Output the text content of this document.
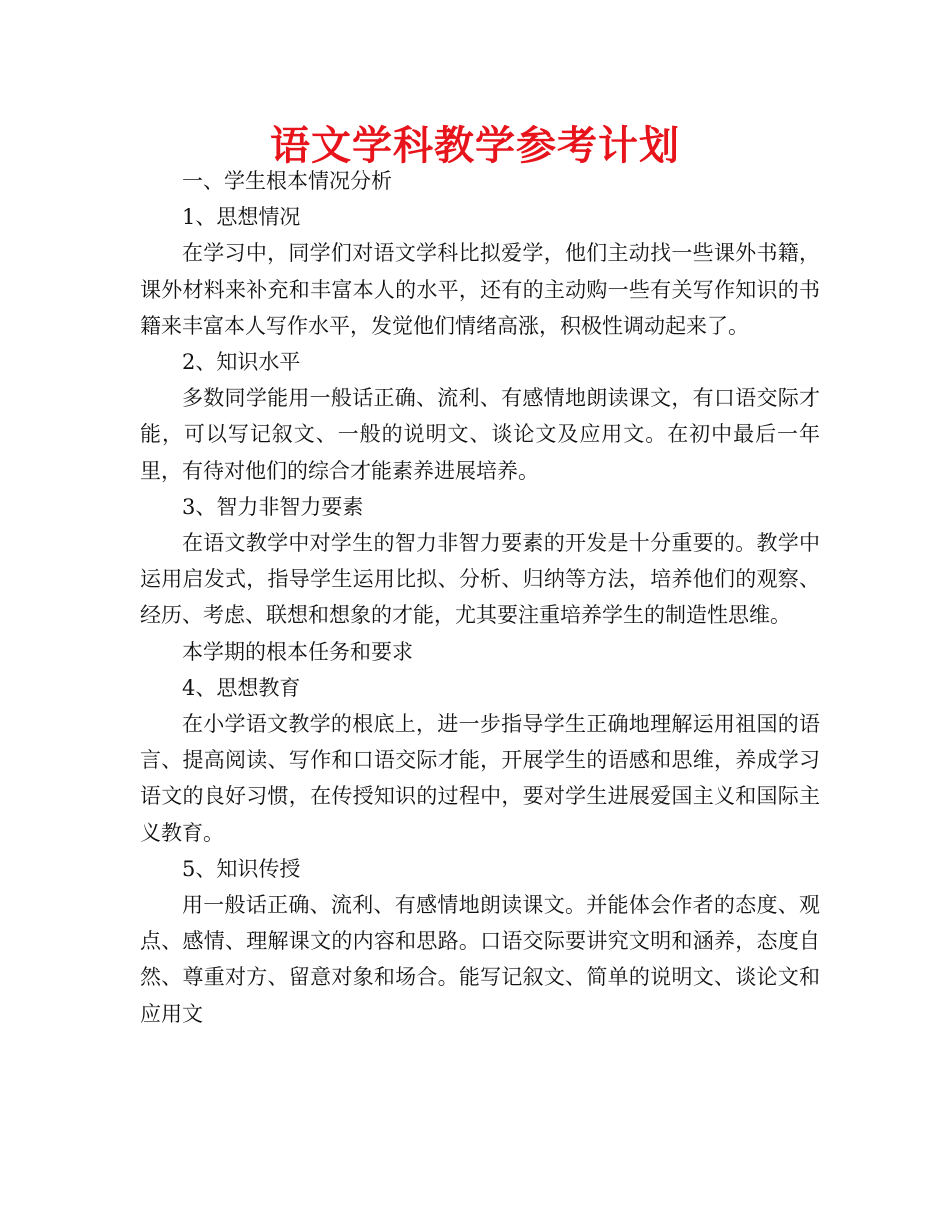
语文学科教学参考计划

一、学生根本情况分析

1、思想情况

在学习中，同学们对语文学科比拟爱学，他们主动找一些课外书籍，课外材料来补充和丰富本人的水平，还有的主动购一些有关写作知识的书籍来丰富本人写作水平，发觉他们情绪高涨，积极性调动起来了。

2、知识水平

多数同学能用一般话正确、流利、有感情地朗读课文，有口语交际才能，可以写记叙文、一般的说明文、谈论文及应用文。在初中最后一年里，有待对他们的综合才能素养进展培养。

3、智力非智力要素

在语文教学中对学生的智力非智力要素的开发是十分重要的。教学中运用启发式，指导学生运用比拟、分析、归纳等方法，培养他们的观察、经历、考虑、联想和想象的才能，尤其要注重培养学生的制造性思维。

本学期的根本任务和要求

4、思想教育

在小学语文教学的根底上，进一步指导学生正确地理解运用祖国的语言、提高阅读、写作和口语交际才能，开展学生的语感和思维，养成学习语文的良好习惯，在传授知识的过程中，要对学生进展爱国主义和国际主义教育。

5、知识传授

用一般话正确、流利、有感情地朗读课文。并能体会作者的态度、观点、感情、理解课文的内容和思路。口语交际要讲究文明和涵养，态度自然、尊重对方、留意对象和场合。能写记叙文、简单的说明文、谈论文和应用文
